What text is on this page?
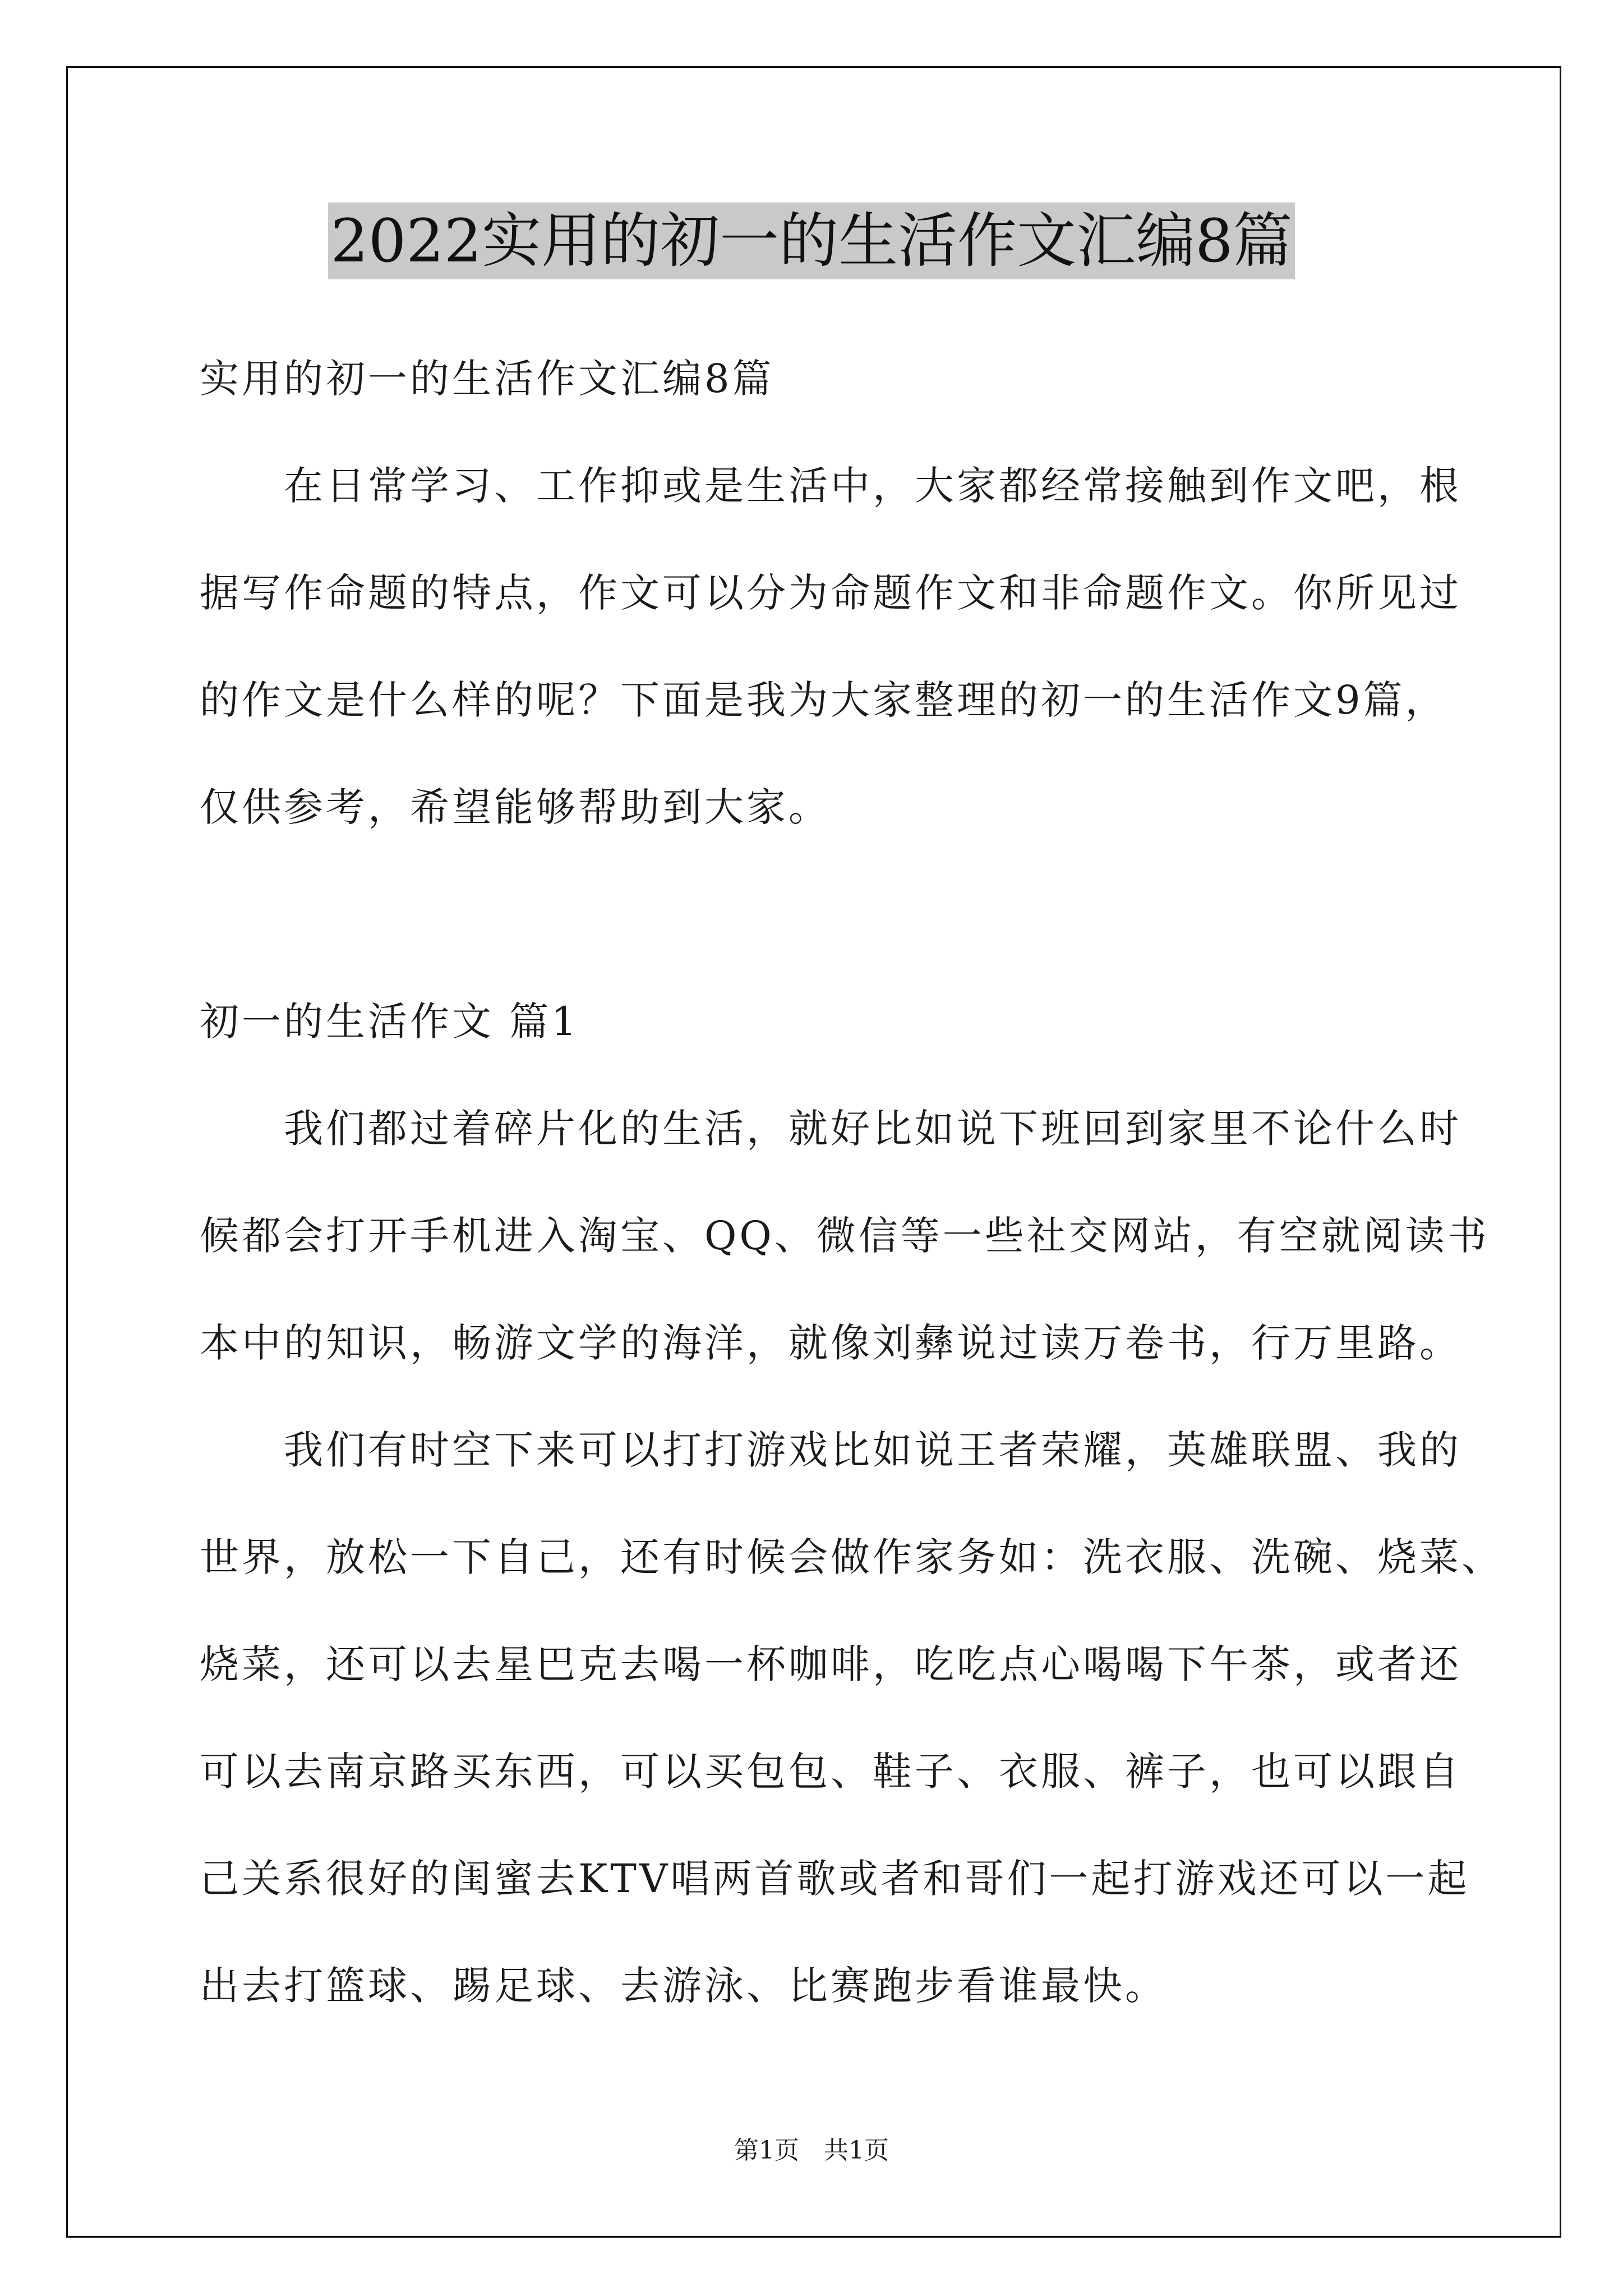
2022实用的初一的生活作文汇编8篇
实用的初一的生活作文汇编8篇
在日常学习、工作抑或是生活中，大家都经常接触到作文吧，根
据写作命题的特点，作文可以分为命题作文和非命题作文。你所见过
的作文是什么样的呢？下面是我为大家整理的初一的生活作文9篇，
仅供参考，希望能够帮助到大家。
初一的生活作文 篇1
我们都过着碎片化的生活，就好比如说下班回到家里不论什么时
候都会打开手机进入淘宝、QQ、微信等一些社交网站，有空就阅读书
本中的知识，畅游文学的海洋，就像刘彝说过读万卷书，行万里路。
我们有时空下来可以打打游戏比如说王者荣耀，英雄联盟、我的
世界，放松一下自己，还有时候会做作家务如：洗衣服、洗碗、烧菜、
烧菜，还可以去星巴克去喝一杯咖啡，吃吃点心喝喝下午茶，或者还
可以去南京路买东西，可以买包包、鞋子、衣服、裤子，也可以跟自
己关系很好的闺蜜去KTV唱两首歌或者和哥们一起打游戏还可以一起
出去打篮球、踢足球、去游泳、比赛跑步看谁最快。
第1页　共1页
